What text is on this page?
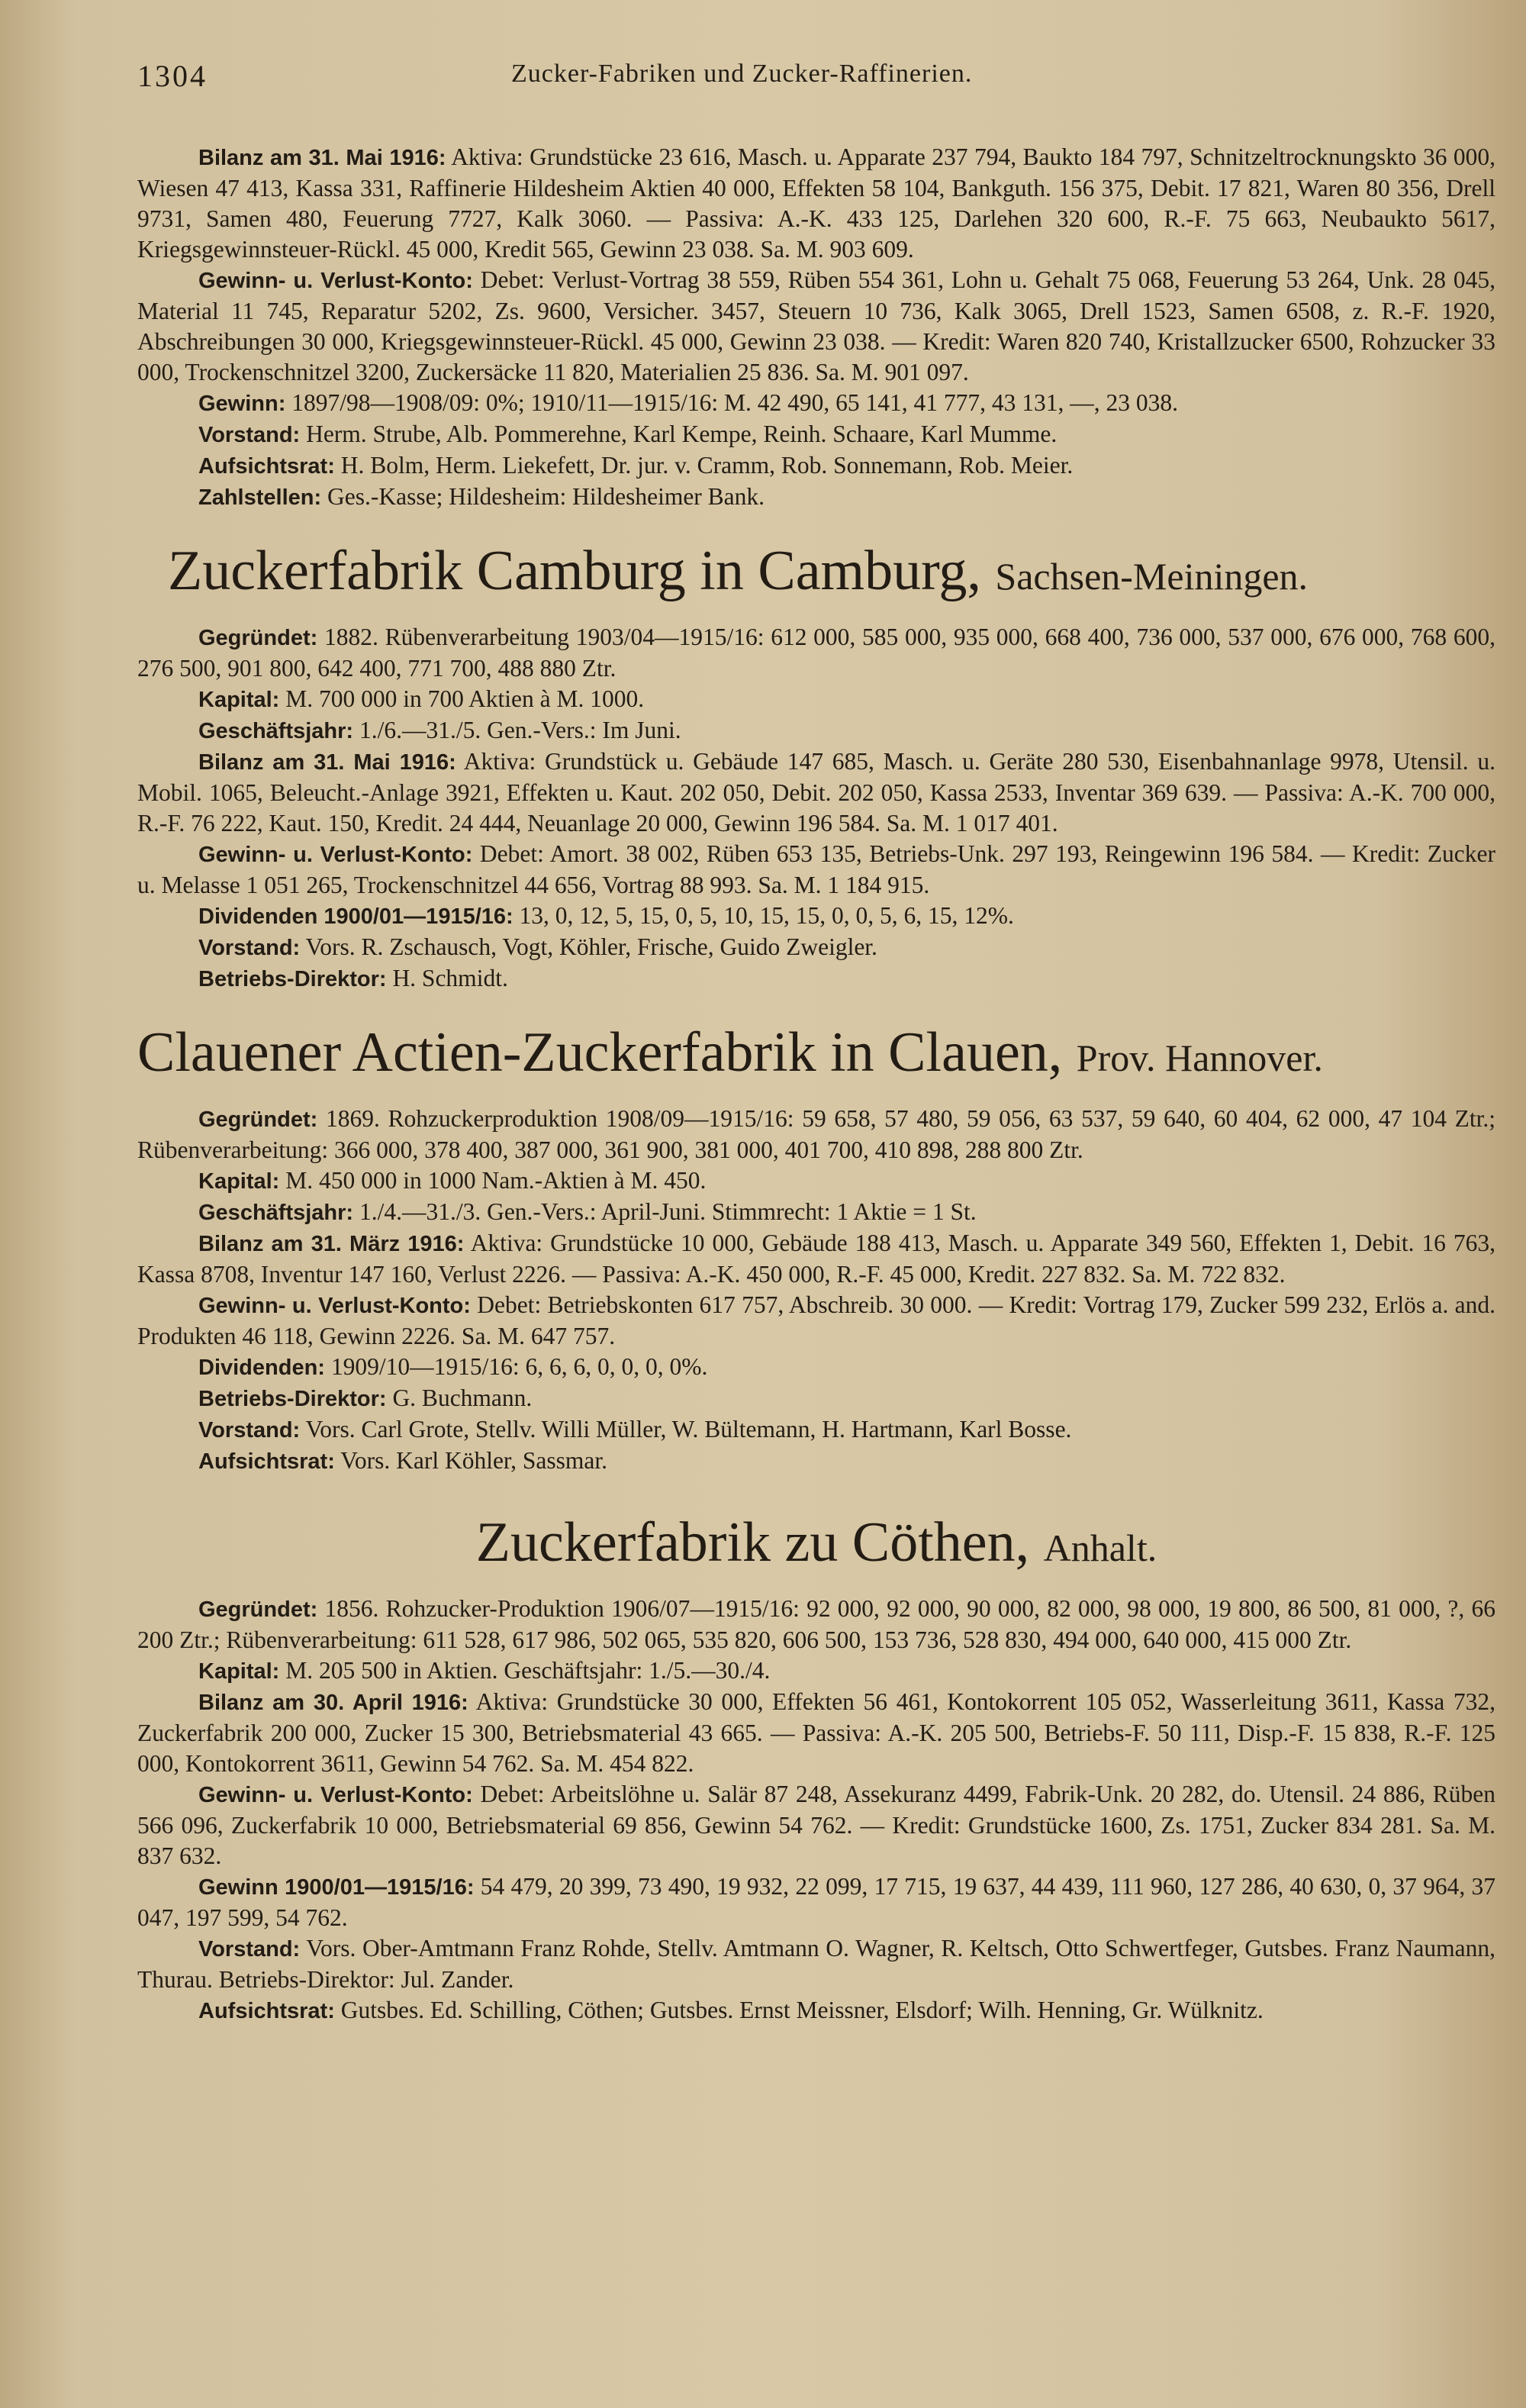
1304	Zucker-Fabriken und Zucker-Raffinerien.

Bilanz am 31. Mai 1916: Aktiva: Grundstücke 23 616, Masch. u. Apparate 237 794, Baukto 184 797, Schnitzeltrocknungskto 36 000, Wiesen 47 413, Kassa 331, Raffinerie Hildesheim Aktien 40 000, Effekten 58 104, Bankguth. 156 375, Debit. 17 821, Waren 80 356, Drell 9731, Samen 480, Feuerung 7727, Kalk 3060. — Passiva: A.-K. 433 125, Darlehen 320 600, R.-F. 75 663, Neubaukto 5617, Kriegsgewinnsteuer-Rückl. 45 000, Kredit 565, Gewinn 23 038. Sa. M. 903 609.

Gewinn- u. Verlust-Konto: Debet: Verlust-Vortrag 38 559, Rüben 554 361, Lohn u. Gehalt 75 068, Feuerung 53 264, Unk. 28 045, Material 11 745, Reparatur 5202, Zs. 9600, Versicher. 3457, Steuern 10 736, Kalk 3065, Drell 1523, Samen 6508, z. R.-F. 1920, Abschreibungen 30 000, Kriegsgewinnsteuer-Rückl. 45 000, Gewinn 23 038. — Kredit: Waren 820 740, Kristallzucker 6500, Rohzucker 33 000, Trockenschnitzel 3200, Zuckersäcke 11 820, Materialien 25 836. Sa. M. 901 097.

Gewinn: 1897/98—1908/09: 0%; 1910/11—1915/16: M. 42 490, 65 141, 41 777, 43 131, —, 23 038.

Vorstand: Herm. Strube, Alb. Pommerehne, Karl Kempe, Reinh. Schaare, Karl Mumme.

Aufsichtsrat: H. Bolm, Herm. Liekefett, Dr. jur. v. Cramm, Rob. Sonnemann, Rob. Meier.

Zahlstellen: Ges.-Kasse; Hildesheim: Hildesheimer Bank.

Zuckerfabrik Camburg in Camburg, Sachsen-Meiningen.

Gegründet: 1882. Rübenverarbeitung 1903/04—1915/16: 612 000, 585 000, 935 000, 668 400, 736 000, 537 000, 676 000, 768 600, 276 500, 901 800, 642 400, 771 700, 488 880 Ztr.

Kapital: M. 700 000 in 700 Aktien à M. 1000.

Geschäftsjahr: 1./6.—31./5. Gen.-Vers.: Im Juni.

Bilanz am 31. Mai 1916: Aktiva: Grundstück u. Gebäude 147 685, Masch. u. Geräte 280 530, Eisenbahnanlage 9978, Utensil. u. Mobil. 1065, Beleucht.-Anlage 3921, Effekten u. Kaut. 202 050, Debit. 202 050, Kassa 2533, Inventar 369 639. — Passiva: A.-K. 700 000, R.-F. 76 222, Kaut. 150, Kredit. 24 444, Neuanlage 20 000, Gewinn 196 584. Sa. M. 1 017 401.

Gewinn- u. Verlust-Konto: Debet: Amort. 38 002, Rüben 653 135, Betriebs-Unk. 297 193, Reingewinn 196 584. — Kredit: Zucker u. Melasse 1 051 265, Trockenschnitzel 44 656, Vortrag 88 993. Sa. M. 1 184 915.

Dividenden 1900/01—1915/16: 13, 0, 12, 5, 15, 0, 5, 10, 15, 15, 0, 0, 5, 6, 15, 12%.

Vorstand: Vors. R. Zschausch, Vogt, Köhler, Frische, Guido Zweigler.

Betriebs-Direktor: H. Schmidt.

Clauener Actien-Zuckerfabrik in Clauen, Prov. Hannover.

Gegründet: 1869. Rohzuckerproduktion 1908/09—1915/16: 59 658, 57 480, 59 056, 63 537, 59 640, 60 404, 62 000, 47 104 Ztr.; Rübenverarbeitung: 366 000, 378 400, 387 000, 361 900, 381 000, 401 700, 410 898, 288 800 Ztr.

Kapital: M. 450 000 in 1000 Nam.-Aktien à M. 450.

Geschäftsjahr: 1./4.—31./3. Gen.-Vers.: April-Juni. Stimmrecht: 1 Aktie = 1 St.

Bilanz am 31. März 1916: Aktiva: Grundstücke 10 000, Gebäude 188 413, Masch. u. Apparate 349 560, Effekten 1, Debit. 16 763, Kassa 8708, Inventur 147 160, Verlust 2226. — Passiva: A.-K. 450 000, R.-F. 45 000, Kredit. 227 832. Sa. M. 722 832.

Gewinn- u. Verlust-Konto: Debet: Betriebskonten 617 757, Abschreib. 30 000. — Kredit: Vortrag 179, Zucker 599 232, Erlös a. and. Produkten 46 118, Gewinn 2226. Sa. M. 647 757.

Dividenden: 1909/10—1915/16: 6, 6, 6, 0, 0, 0, 0%.

Betriebs-Direktor: G. Buchmann.

Vorstand: Vors. Carl Grote, Stellv. Willi Müller, W. Bültemann, H. Hartmann, Karl Bosse.

Aufsichtsrat: Vors. Karl Köhler, Sassmar.

Zuckerfabrik zu Cöthen, Anhalt.

Gegründet: 1856. Rohzucker-Produktion 1906/07—1915/16: 92 000, 92 000, 90 000, 82 000, 98 000, 19 800, 86 500, 81 000, ?, 66 200 Ztr.; Rübenverarbeitung: 611 528, 617 986, 502 065, 535 820, 606 500, 153 736, 528 830, 494 000, 640 000, 415 000 Ztr.

Kapital: M. 205 500 in Aktien. Geschäftsjahr: 1./5.—30./4.

Bilanz am 30. April 1916: Aktiva: Grundstücke 30 000, Effekten 56 461, Kontokorrent 105 052, Wasserleitung 3611, Kassa 732, Zuckerfabrik 200 000, Zucker 15 300, Betriebsmaterial 43 665. — Passiva: A.-K. 205 500, Betriebs-F. 50 111, Disp.-F. 15 838, R.-F. 125 000, Kontokorrent 3611, Gewinn 54 762. Sa. M. 454 822.

Gewinn- u. Verlust-Konto: Debet: Arbeitslöhne u. Salär 87 248, Assekuranz 4499, Fabrik-Unk. 20 282, do. Utensil. 24 886, Rüben 566 096, Zuckerfabrik 10 000, Betriebsmaterial 69 856, Gewinn 54 762. — Kredit: Grundstücke 1600, Zs. 1751, Zucker 834 281. Sa. M. 837 632.

Gewinn 1900/01—1915/16: 54 479, 20 399, 73 490, 19 932, 22 099, 17 715, 19 637, 44 439, 111 960, 127 286, 40 630, 0, 37 964, 37 047, 197 599, 54 762.

Vorstand: Vors. Ober-Amtmann Franz Rohde, Stellv. Amtmann O. Wagner, R. Keltsch, Otto Schwertfeger, Gutsbes. Franz Naumann, Thurau. Betriebs-Direktor: Jul. Zander.

Aufsichtsrat: Gutsbes. Ed. Schilling, Cöthen; Gutsbes. Ernst Meissner, Elsdorf; Wilh. Henning, Gr. Wülknitz.
